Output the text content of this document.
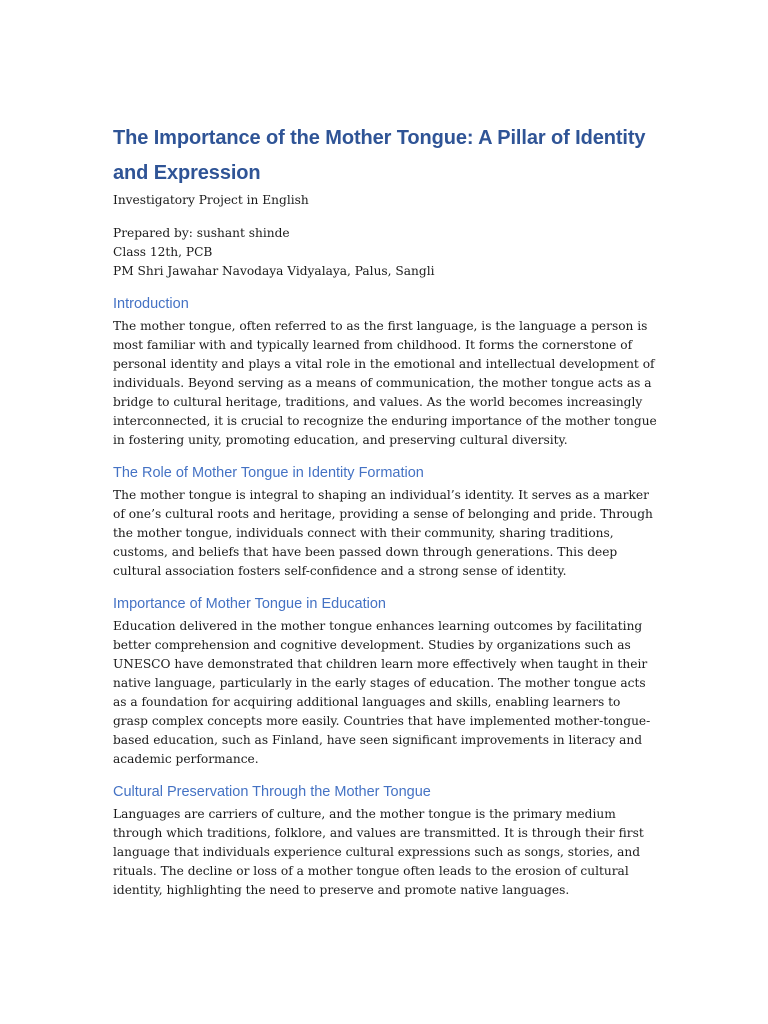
The Importance of the Mother Tongue: A Pillar of Identity and Expression

Investigatory Project in English

Prepared by: sushant shinde
Class 12th, PCB
PM Shri Jawahar Navodaya Vidyalaya, Palus, Sangli
Introduction

The mother tongue, often referred to as the first language, is the language a person is most familiar with and typically learned from childhood. It forms the cornerstone of personal identity and plays a vital role in the emotional and intellectual development of individuals. Beyond serving as a means of communication, the mother tongue acts as a bridge to cultural heritage, traditions, and values. As the world becomes increasingly interconnected, it is crucial to recognize the enduring importance of the mother tongue in fostering unity, promoting education, and preserving cultural diversity.

The Role of Mother Tongue in Identity Formation

The mother tongue is integral to shaping an individual’s identity. It serves as a marker of one’s cultural roots and heritage, providing a sense of belonging and pride. Through the mother tongue, individuals connect with their community, sharing traditions, customs, and beliefs that have been passed down through generations. This deep cultural association fosters self-confidence and a strong sense of identity.

Importance of Mother Tongue in Education

Education delivered in the mother tongue enhances learning outcomes by facilitating better comprehension and cognitive development. Studies by organizations such as UNESCO have demonstrated that children learn more effectively when taught in their native language, particularly in the early stages of education. The mother tongue acts as a foundation for acquiring additional languages and skills, enabling learners to grasp complex concepts more easily. Countries that have implemented mother-tongue-based education, such as Finland, have seen significant improvements in literacy and academic performance.

Cultural Preservation Through the Mother Tongue

Languages are carriers of culture, and the mother tongue is the primary medium through which traditions, folklore, and values are transmitted. It is through their first language that individuals experience cultural expressions such as songs, stories, and rituals. The decline or loss of a mother tongue often leads to the erosion of cultural identity, highlighting the need to preserve and promote native languages.
